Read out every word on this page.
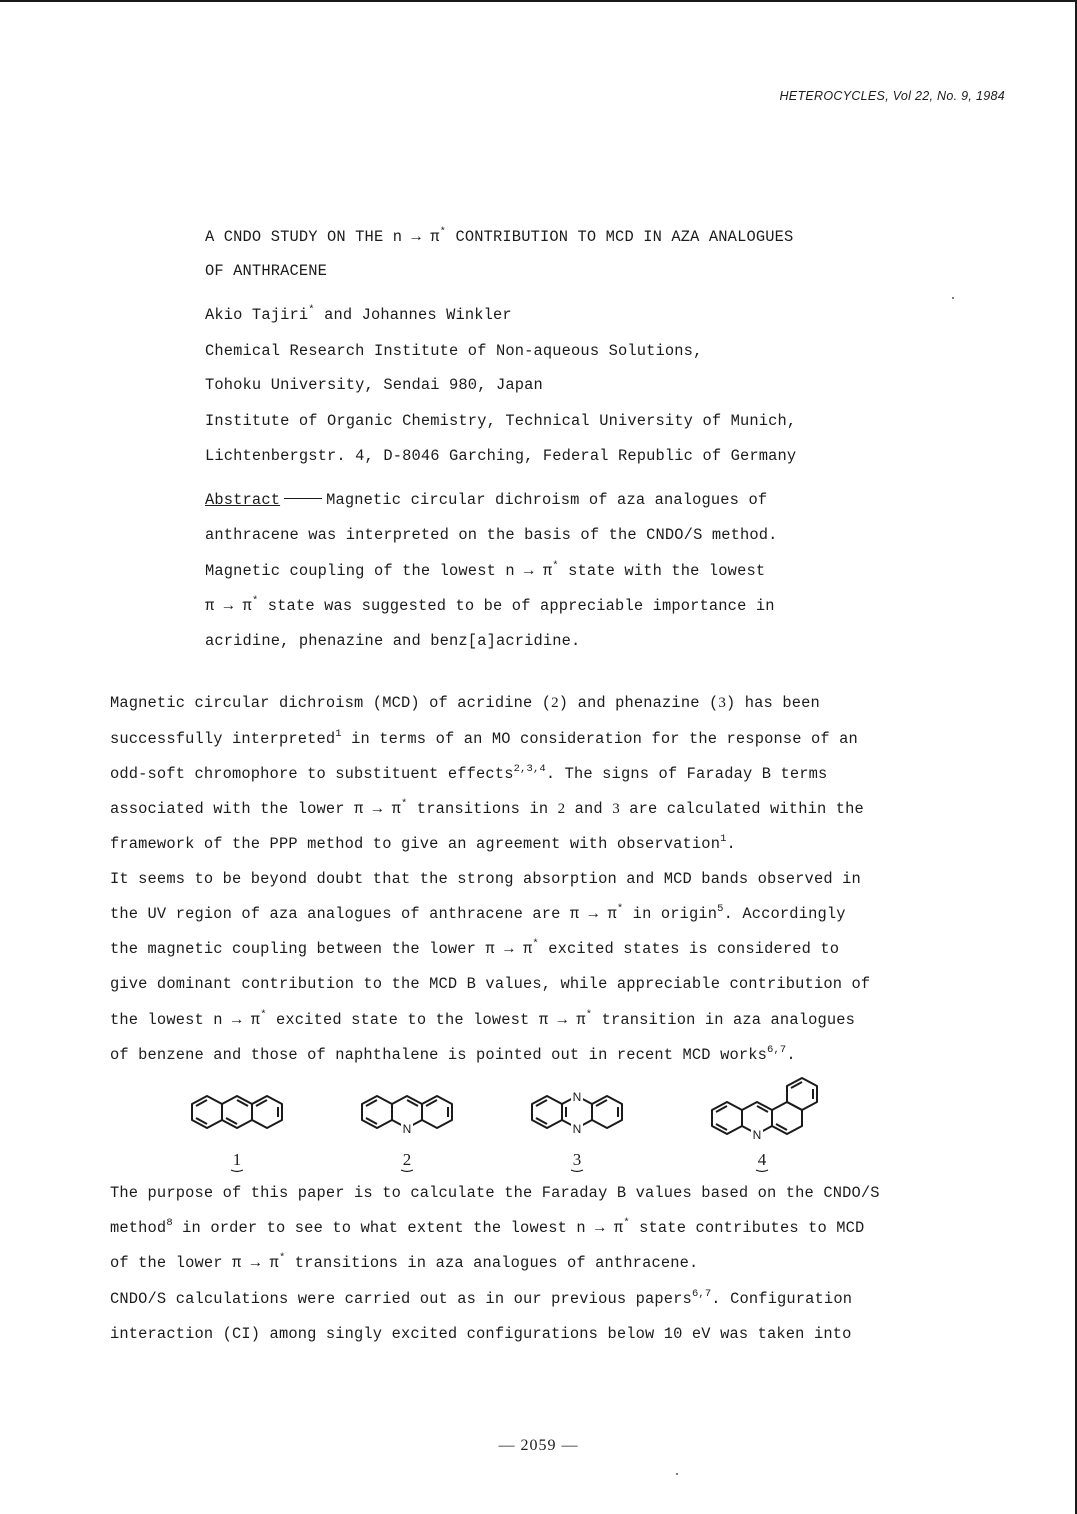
HETEROCYCLES, Vol 22, No. 9, 1984
A CNDO STUDY ON THE n → π* CONTRIBUTION TO MCD IN AZA ANALOGUES
OF ANTHRACENE
Akio Tajiri* and Johannes Winkler
Chemical Research Institute of Non-aqueous Solutions,
Tohoku University, Sendai 980, Japan
Institute of Organic Chemistry, Technical University of Munich,
Lichtenbergstr. 4, D-8046 Garching, Federal Republic of Germany
Abstract	Magnetic circular dichroism of aza analogues of
anthracene was interpreted on the basis of the CNDO/S method.
Magnetic coupling of the lowest n → π* state with the lowest
π → π* state was suggested to be of appreciable importance in
acridine, phenazine and benz[a]acridine.
Magnetic circular dichroism (MCD) of acridine (2) and phenazine (3) has been
successfully interpreted$^1$ in terms of an MO consideration for the response of an
odd-soft chromophore to substituent effects$^{2,3,4}$. The signs of Faraday B terms
associated with the lower π → π* transitions in 2 and 3 are calculated within the
framework of the PPP method to give an agreement with observation$^1$.
It seems to be beyond doubt that the strong absorption and MCD bands observed in
the UV region of aza analogues of anthracene are π → π* in origin$^5$. Accordingly
the magnetic coupling between the lower π → π* excited states is considered to
give dominant contribution to the MCD B values, while appreciable contribution of
the lowest n → π* excited state to the lowest π → π* transition in aza analogues
of benzene and those of naphthalene is pointed out in recent MCD works$^{6,7}$.
N
N
N	N
1	2	3	4
The purpose of this paper is to calculate the Faraday B values based on the CNDO/S
method$^8$ in order to see to what extent the lowest n → π* state contributes to MCD
of the lower π → π* transitions in aza analogues of anthracene.
CNDO/S calculations were carried out as in our previous papers$^{6,7}$. Configuration
interaction (CI) among singly excited configurations below 10 eV was taken into
— 2059 —
